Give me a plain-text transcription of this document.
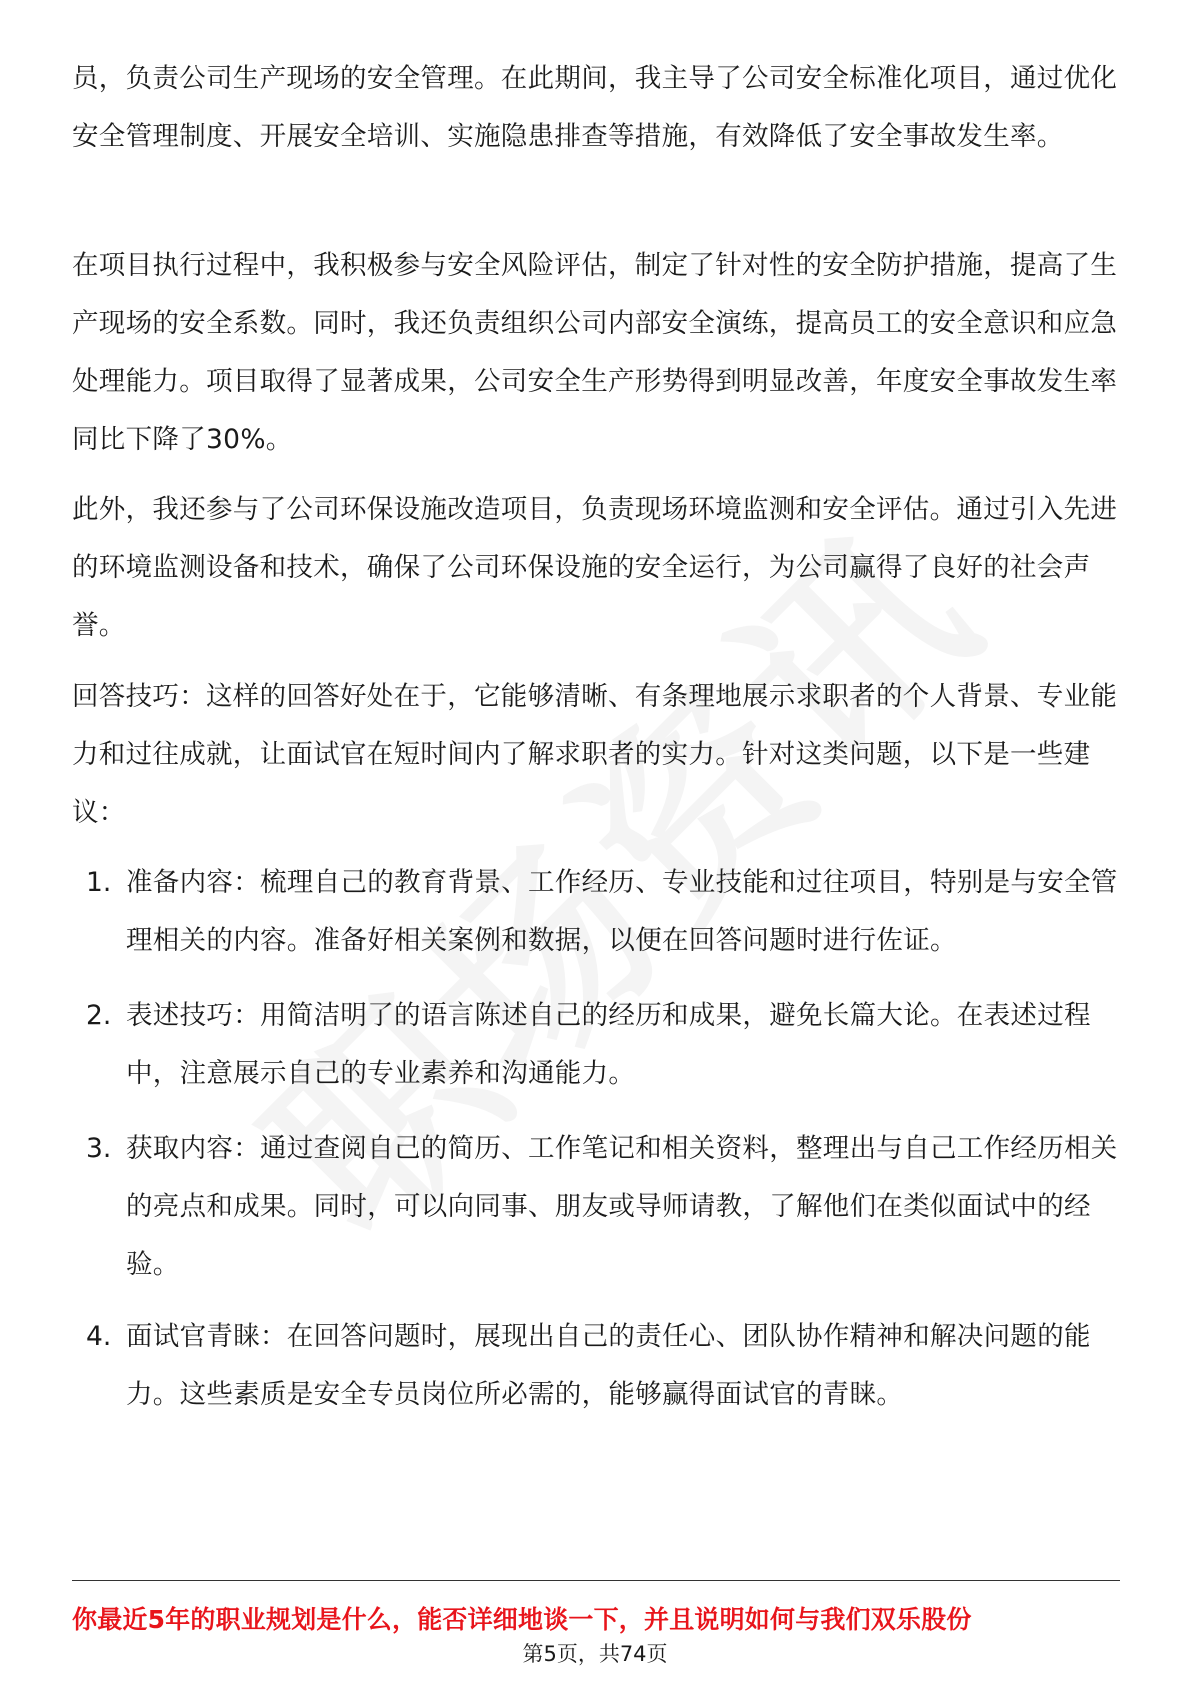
员，负责公司生产现场的安全管理。在此期间，我主导了公司安全标准化项目，通过优化安全管理制度、开展安全培训、实施隐患排查等措施，有效降低了安全事故发生率。

在项目执行过程中，我积极参与安全风险评估，制定了针对性的安全防护措施，提高了生产现场的安全系数。同时，我还负责组织公司内部安全演练，提高员工的安全意识和应急处理能力。项目取得了显著成果，公司安全生产形势得到明显改善，年度安全事故发生率同比下降了30%。

此外，我还参与了公司环保设施改造项目，负责现场环境监测和安全评估。通过引入先进的环境监测设备和技术，确保了公司环保设施的安全运行，为公司赢得了良好的社会声誉。

回答技巧：这样的回答好处在于，它能够清晰、有条理地展示求职者的个人背景、专业能力和过往成就，让面试官在短时间内了解求职者的实力。针对这类问题，以下是一些建议：

1. 准备内容：梳理自己的教育背景、工作经历、专业技能和过往项目，特别是与安全管理相关的内容。准备好相关案例和数据，以便在回答问题时进行佐证。

2. 表述技巧：用简洁明了的语言陈述自己的经历和成果，避免长篇大论。在表述过程中，注意展示自己的专业素养和沟通能力。

3. 获取内容：通过查阅自己的简历、工作笔记和相关资料，整理出与自己工作经历相关的亮点和成果。同时，可以向同事、朋友或导师请教，了解他们在类似面试中的经验。

4. 面试官青睐：在回答问题时，展现出自己的责任心、团队协作精神和解决问题的能力。这些素质是安全专员岗位所必需的，能够赢得面试官的青睐。

你最近5年的职业规划是什么，能否详细地谈一下，并且说明如何与我们双乐股份
第5页，共74页
